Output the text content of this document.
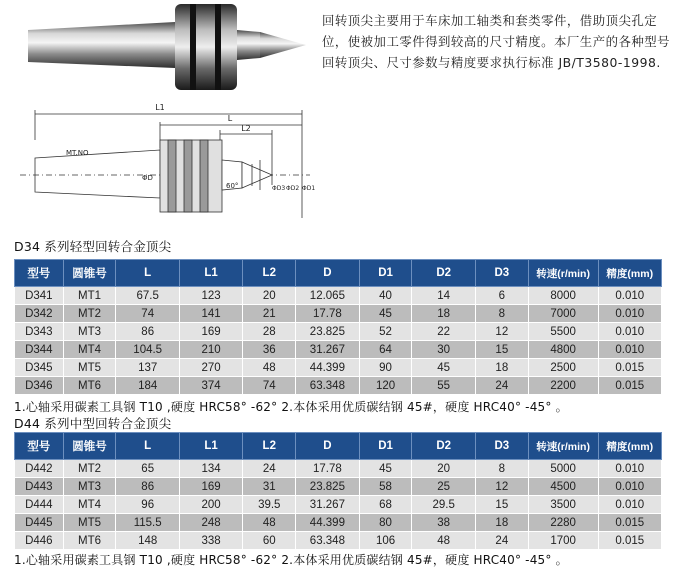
回转顶尖主要用于车床加工轴类和套类零件，借助顶尖孔定位，使被加工零件得到较高的尺寸精度。本厂生产的各种型号回转顶尖、尺寸参数与精度要求执行标准 JB/T3580-1998.
L1
L
L2
MT.NO
ΦD
60°	ΦD3 ΦD2 ΦD1
D34 系列轻型回转合金顶尖
型号	圆锥号	L	L1	L2	D	D1	D2	D3	转速(r/min)	精度(mm)
D341	MT1	67.5	123	20	12.065	40	14	6	8000	0.010
D342	MT2	74	141	21	17.78	45	18	8	7000	0.010
D343	MT3	86	169	28	23.825	52	22	12	5500	0.010
D344	MT4	104.5	210	36	31.267	64	30	15	4800	0.010
D345	MT5	137	270	48	44.399	90	45	18	2500	0.015
D346	MT6	184	374	74	63.348	120	55	24	2200	0.015
1.心轴采用碳素工具钢 T10 ,硬度 HRC58° -62° 2.本体采用优质碳结钢 45#，硬度 HRC40° -45° 。
D44 系列中型回转合金顶尖
型号	圆锥号	L	L1	L2	D	D1	D2	D3	转速(r/min)	精度(mm)
D442	MT2	65	134	24	17.78	45	20	8	5000	0.010
D443	MT3	86	169	31	23.825	58	25	12	4500	0.010
D444	MT4	96	200	39.5	31.267	68	29.5	15	3500	0.010
D445	MT5	115.5	248	48	44.399	80	38	18	2280	0.015
D446	MT6	148	338	60	63.348	106	48	24	1700	0.015
1.心轴采用碳素工具钢 T10 ,硬度 HRC58° -62° 2.本体采用优质碳结钢 45#，硬度 HRC40° -45° 。
